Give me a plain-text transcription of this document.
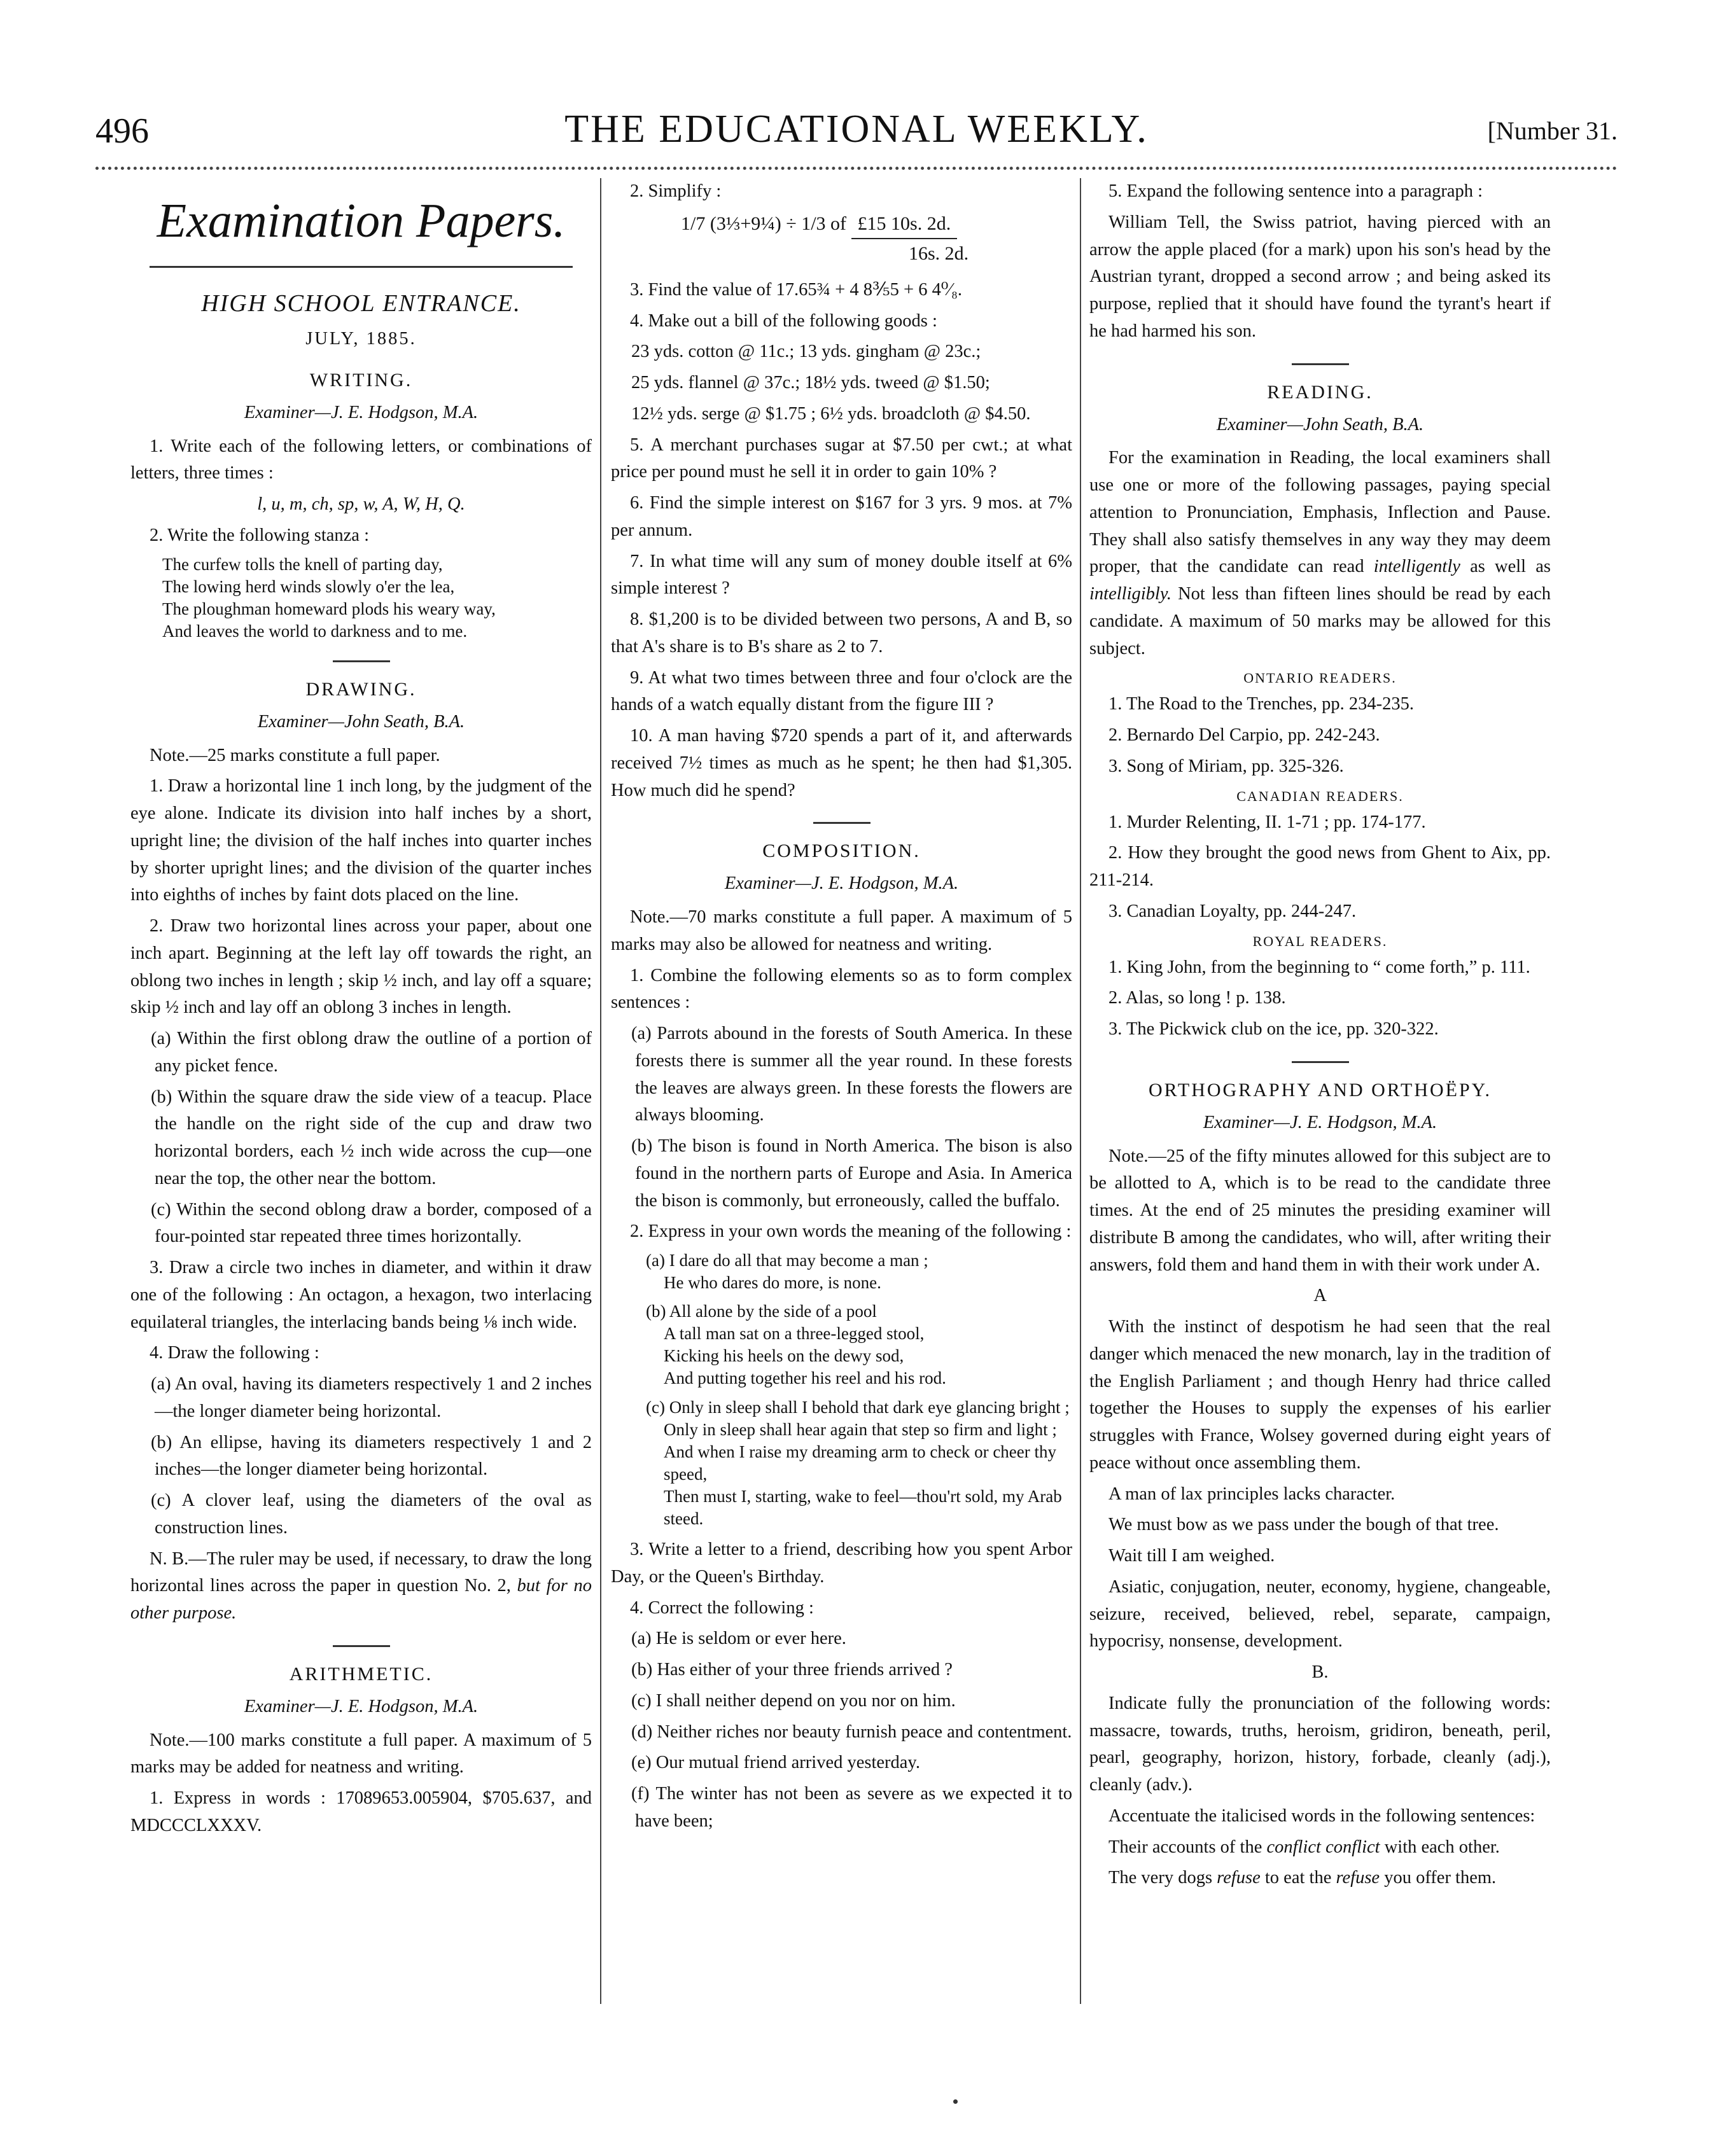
496	THE EDUCATIONAL WEEKLY.	[Number 31.
Examination Papers.
HIGH SCHOOL ENTRANCE.

JULY, 1885.

WRITING.

Examiner—J. E. Hodgson, M.A.

1. Write each of the following letters, or combinations of letters, three times :

l, u, m, ch, sp, w, A, W, H, Q.

2. Write the following stanza :

The curfew tolls the knell of parting day,
The lowing herd winds slowly o'er the lea,
The ploughman homeward plods his weary way,
And leaves the world to darkness and to me.

DRAWING.

Examiner—John Seath, B.A.

Note.—25 marks constitute a full paper.

1. Draw a horizontal line 1 inch long, by the judgment of the eye alone. Indicate its division into half inches by a short, upright line; the division of the half inches into quarter inches by shorter upright lines; and the division of the quarter inches into eighths of inches by faint dots placed on the line.

2. Draw two horizontal lines across your paper, about one inch apart. Beginning at the left lay off towards the right, an oblong two inches in length ; skip ½ inch, and lay off a square; skip ½ inch and lay off an oblong 3 inches in length.

(a) Within the first oblong draw the outline of a portion of any picket fence.

(b) Within the square draw the side view of a teacup. Place the handle on the right side of the cup and draw two horizontal borders, each ½ inch wide across the cup—one near the top, the other near the bottom.

(c) Within the second oblong draw a border, composed of a four-pointed star repeated three times horizontally.

3. Draw a circle two inches in diameter, and within it draw one of the following : An octagon, a hexagon, two interlacing equilateral triangles, the interlacing bands being ⅛ inch wide.

4. Draw the following :

(a) An oval, having its diameters respectively 1 and 2 inches—the longer diameter being horizontal.

(b) An ellipse, having its diameters respectively 1 and 2 inches—the longer diameter being horizontal.

(c) A clover leaf, using the diameters of the oval as construction lines.

N. B.—The ruler may be used, if necessary, to draw the long horizontal lines across the paper in question No. 2, but for no other purpose.

ARITHMETIC.

Examiner—J. E. Hodgson, M.A.

Note.—100 marks constitute a full paper. A maximum of 5 marks may be added for neatness and writing.

1. Express in words : 17089653.005904, $705.637, and MDCCCLXXXV.

2. Simplify :

1/7 (3⅓+9¼) ÷ 1/3 of £15 10s. 2d.
16s. 2d.

3. Find the value of 17.65¾ + 4 8⅗5 + 6 4⁰⁄₈.

4. Make out a bill of the following goods :

23 yds. cotton @ 11c.; 13 yds. gingham @ 23c.;

25 yds. flannel @ 37c.; 18½ yds. tweed @ $1.50;

12½ yds. serge @ $1.75 ; 6½ yds. broadcloth @ $4.50.

5. A merchant purchases sugar at $7.50 per cwt.; at what price per pound must he sell it in order to gain 10% ?

6. Find the simple interest on $167 for 3 yrs. 9 mos. at 7% per annum.

7. In what time will any sum of money double itself at 6% simple interest ?

8. $1,200 is to be divided between two persons, A and B, so that A's share is to B's share as 2 to 7.

9. At what two times between three and four o'clock are the hands of a watch equally distant from the figure III ?

10. A man having $720 spends a part of it, and afterwards received 7½ times as much as he spent; he then had $1,305. How much did he spend?

COMPOSITION.

Examiner—J. E. Hodgson, M.A.

Note.—70 marks constitute a full paper. A maximum of 5 marks may also be allowed for neatness and writing.

1. Combine the following elements so as to form complex sentences :

(a) Parrots abound in the forests of South America. In these forests there is summer all the year round. In these forests the leaves are always green. In these forests the flowers are always blooming.

(b) The bison is found in North America. The bison is also found in the northern parts of Europe and Asia. In America the bison is commonly, but erroneously, called the buffalo.

2. Express in your own words the meaning of the following :

(a) I dare do all that may become a man ;
He who dares do more, is none.
(b) All alone by the side of a pool
A tall man sat on a three-legged stool,
Kicking his heels on the dewy sod,
And putting together his reel and his rod.
(c) Only in sleep shall I behold that dark eye glancing bright ;
Only in sleep shall hear again that step so firm and light ;
And when I raise my dreaming arm to check or cheer thy speed,
Then must I, starting, wake to feel—thou'rt sold, my Arab steed.

3. Write a letter to a friend, describing how you spent Arbor Day, or the Queen's Birthday.

4. Correct the following :

(a) He is seldom or ever here.

(b) Has either of your three friends arrived ?

(c) I shall neither depend on you nor on him.

(d) Neither riches nor beauty furnish peace and contentment.

(e) Our mutual friend arrived yesterday.

(f) The winter has not been as severe as we expected it to have been;

5. Expand the following sentence into a paragraph :

William Tell, the Swiss patriot, having pierced with an arrow the apple placed (for a mark) upon his son's head by the Austrian tyrant, dropped a second arrow ; and being asked its purpose, replied that it should have found the tyrant's heart if he had harmed his son.

READING.

Examiner—John Seath, B.A.

For the examination in Reading, the local examiners shall use one or more of the following passages, paying special attention to Pronunciation, Emphasis, Inflection and Pause. They shall also satisfy themselves in any way they may deem proper, that the candidate can read intelligently as well as intelligibly. Not less than fifteen lines should be read by each candidate. A maximum of 50 marks may be allowed for this subject.

ONTARIO READERS.

1. The Road to the Trenches, pp. 234-235.

2. Bernardo Del Carpio, pp. 242-243.

3. Song of Miriam, pp. 325-326.

CANADIAN READERS.

1. Murder Relenting, II. 1-71 ; pp. 174-177.

2. How they brought the good news from Ghent to Aix, pp. 211-214.

3. Canadian Loyalty, pp. 244-247.

ROYAL READERS.

1. King John, from the beginning to “ come forth,” p. 111.

2. Alas, so long ! p. 138.

3. The Pickwick club on the ice, pp. 320-322.

ORTHOGRAPHY AND ORTHOËPY.

Examiner—J. E. Hodgson, M.A.

Note.—25 of the fifty minutes allowed for this subject are to be allotted to A, which is to be read to the candidate three times. At the end of 25 minutes the presiding examiner will distribute B among the candidates, who will, after writing their answers, fold them and hand them in with their work under A.

A

With the instinct of despotism he had seen that the real danger which menaced the new monarch, lay in the tradition of the English Parliament ; and though Henry had thrice called together the Houses to supply the expenses of his earlier struggles with France, Wolsey governed during eight years of peace without once assembling them.

A man of lax principles lacks character.

We must bow as we pass under the bough of that tree.

Wait till I am weighed.

Asiatic, conjugation, neuter, economy, hygiene, changeable, seizure, received, believed, rebel, separate, campaign, hypocrisy, nonsense, development.

B.

Indicate fully the pronunciation of the following words: massacre, towards, truths, heroism, gridiron, beneath, peril, pearl, geography, horizon, history, forbade, cleanly (adj.), cleanly (adv.).

Accentuate the italicised words in the following sentences:

Their accounts of the conflict conflict with each other.

The very dogs refuse to eat the refuse you offer them.
